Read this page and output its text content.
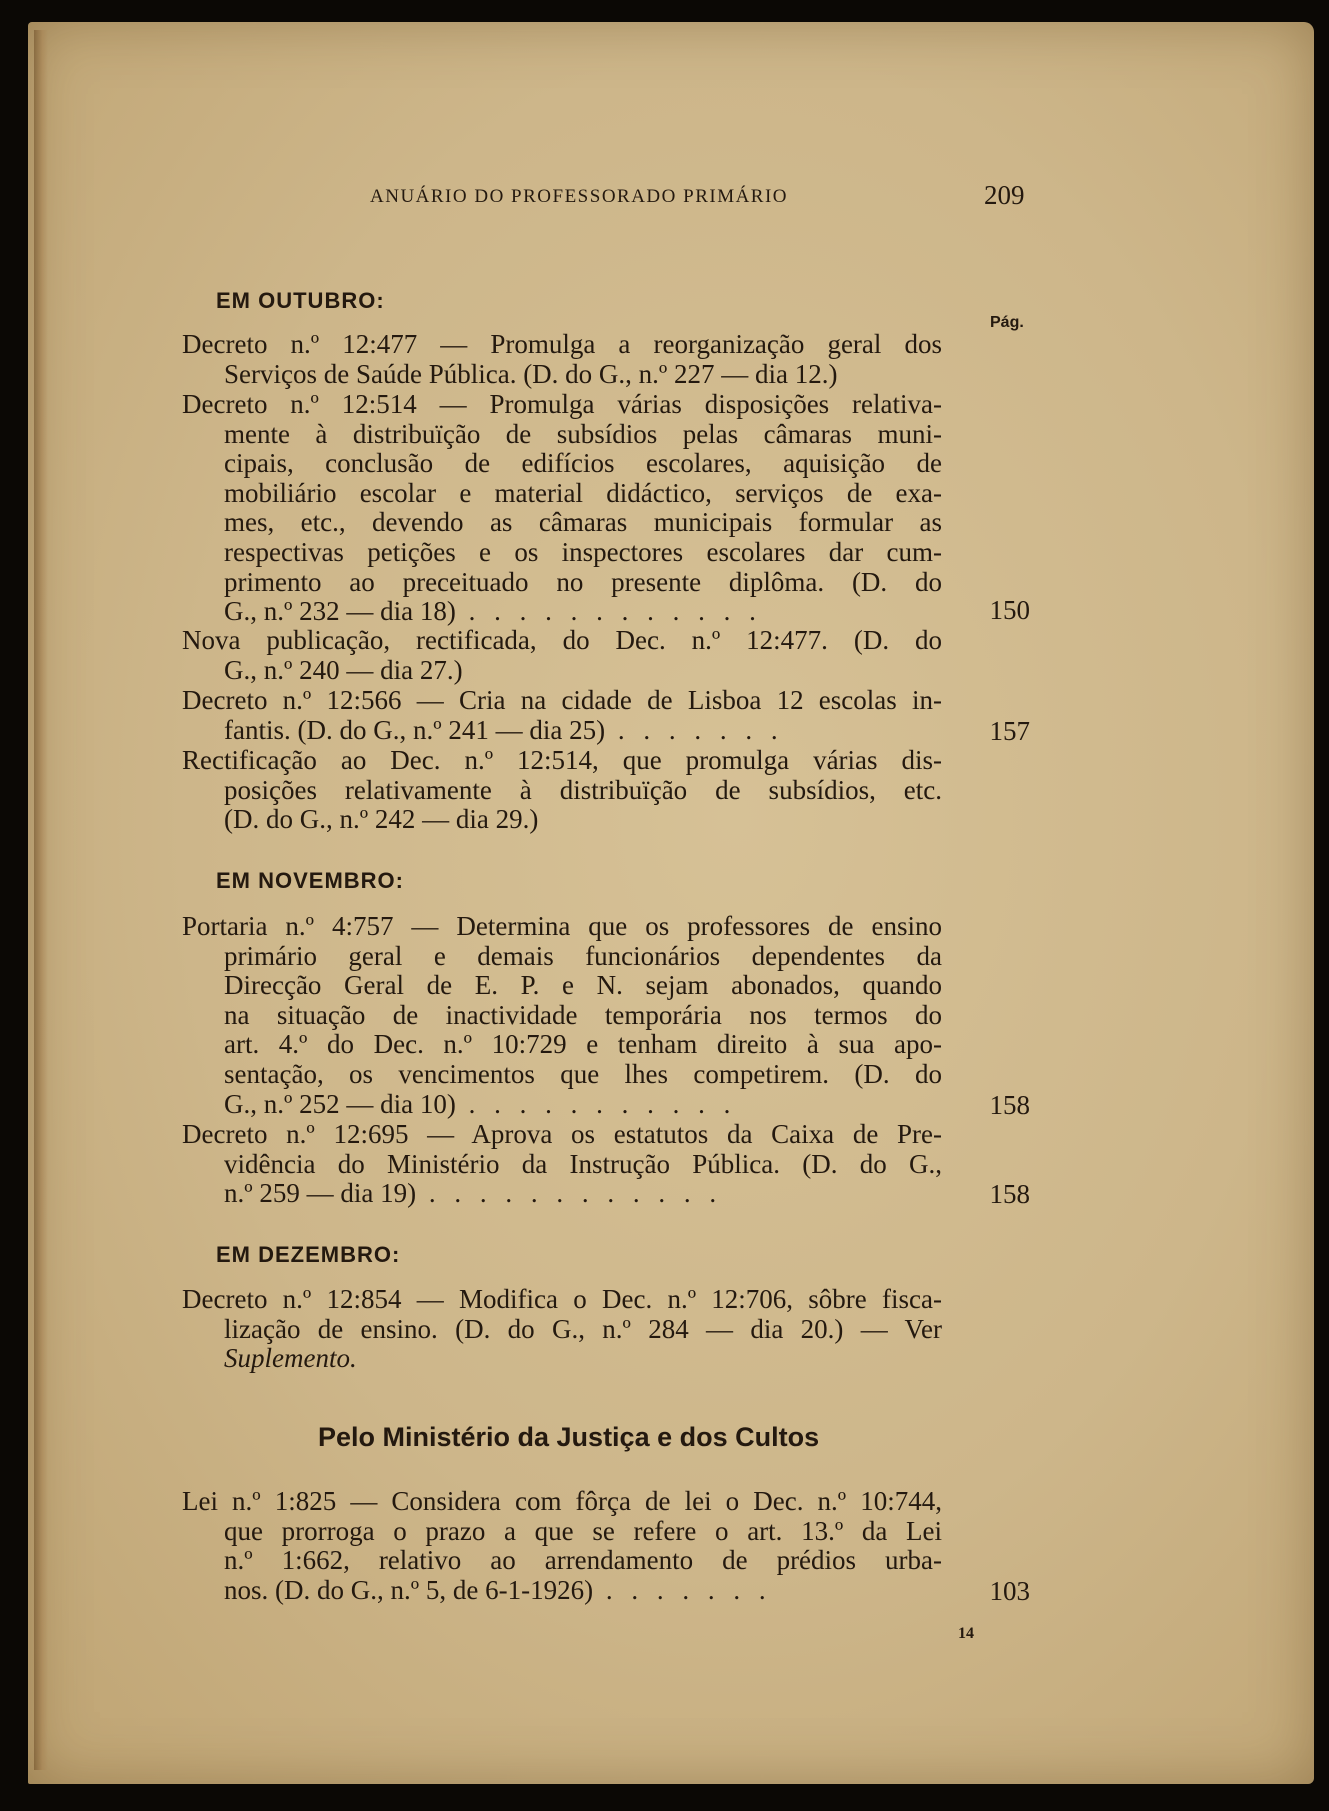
ANUÁRIO DO PROFESSORADO PRIMÁRIO	209
Pág.
EM OUTUBRO:
Decreto n.º 12:477 — Promulga a reorganização geral dos
Serviços de Saúde Pública. (D. do G., n.º 227 — dia 12.)
Decreto n.º 12:514 — Promulga várias disposições relativa-
mente à distribuïção de subsídios pelas câmaras muni-
cipais, conclusão de edifícios escolares, aquisição de
mobiliário escolar e material didáctico, serviços de exa-
mes, etc., devendo as câmaras municipais formular as
respectivas petições e os inspectores escolares dar cum-
primento ao preceituado no presente diplôma. (D. do
G., n.º 232 — dia 18) . . . . . . . . . . . .	150
Nova publicação, rectificada, do Dec. n.º 12:477. (D. do
G., n.º 240 — dia 27.)
Decreto n.º 12:566 — Cria na cidade de Lisboa 12 escolas in-
fantis. (D. do G., n.º 241 — dia 25) . . . . . . .	157
Rectificação ao Dec. n.º 12:514, que promulga várias dis-
posições relativamente à distribuïção de subsídios, etc.
(D. do G., n.º 242 — dia 29.)
EM NOVEMBRO:
Portaria n.º 4:757 — Determina que os professores de ensino
primário geral e demais funcionários dependentes da
Direcção Geral de E. P. e N. sejam abonados, quando
na situação de inactividade temporária nos termos do
art. 4.º do Dec. n.º 10:729 e tenham direito à sua apo-
sentação, os vencimentos que lhes competirem. (D. do
G., n.º 252 — dia 10) . . . . . . . . . . .	158
Decreto n.º 12:695 — Aprova os estatutos da Caixa de Pre-
vidência do Ministério da Instrução Pública. (D. do G.,
n.º 259 — dia 19) . . . . . . . . . . . .	158
EM DEZEMBRO:
Decreto n.º 12:854 — Modifica o Dec. n.º 12:706, sôbre fisca-
lização de ensino. (D. do G., n.º 284 — dia 20.) — Ver
Suplemento.
Pelo Ministério da Justiça e dos Cultos
Lei n.º 1:825 — Considera com fôrça de lei o Dec. n.º 10:744,
que prorroga o prazo a que se refere o art. 13.º da Lei
n.º 1:662, relativo ao arrendamento de prédios urba-
nos. (D. do G., n.º 5, de 6-1-1926) . . . . . . .	103
14
